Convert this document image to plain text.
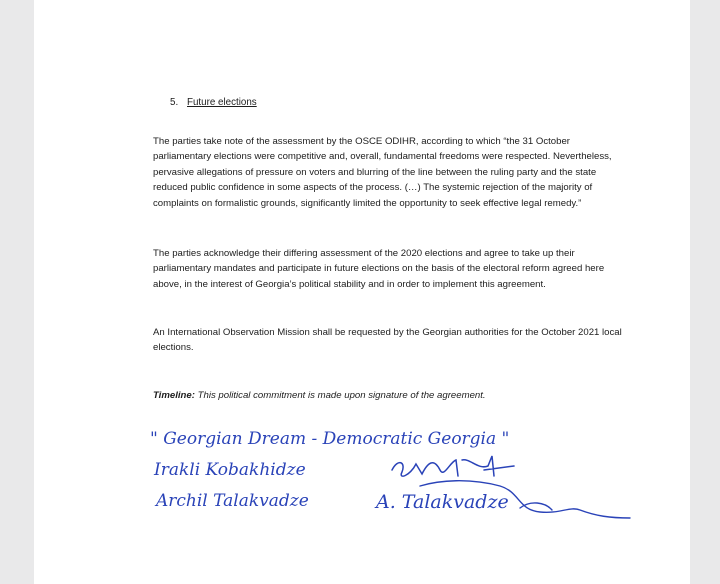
5. Future elections
The parties take note of the assessment by the OSCE ODIHR, according to which “the 31 October parliamentary elections were competitive and, overall, fundamental freedoms were respected. Nevertheless, pervasive allegations of pressure on voters and blurring of the line between the ruling party and the state reduced public confidence in some aspects of the process. (…) The systemic rejection of the majority of complaints on formalistic grounds, significantly limited the opportunity to seek effective legal remedy.”
The parties acknowledge their differing assessment of the 2020 elections and agree to take up their parliamentary mandates and participate in future elections on the basis of the electoral reform agreed here above, in the interest of Georgia’s political stability and in order to implement this agreement.
An International Observation Mission shall be requested by the Georgian authorities for the October 2021 local elections.
Timeline: This political commitment is made upon signature of the agreement.
" Georgian Dream - Democratic Georgia "
Irakli Kobakhidze
Archil Talakvadze	A. Talakvadze
